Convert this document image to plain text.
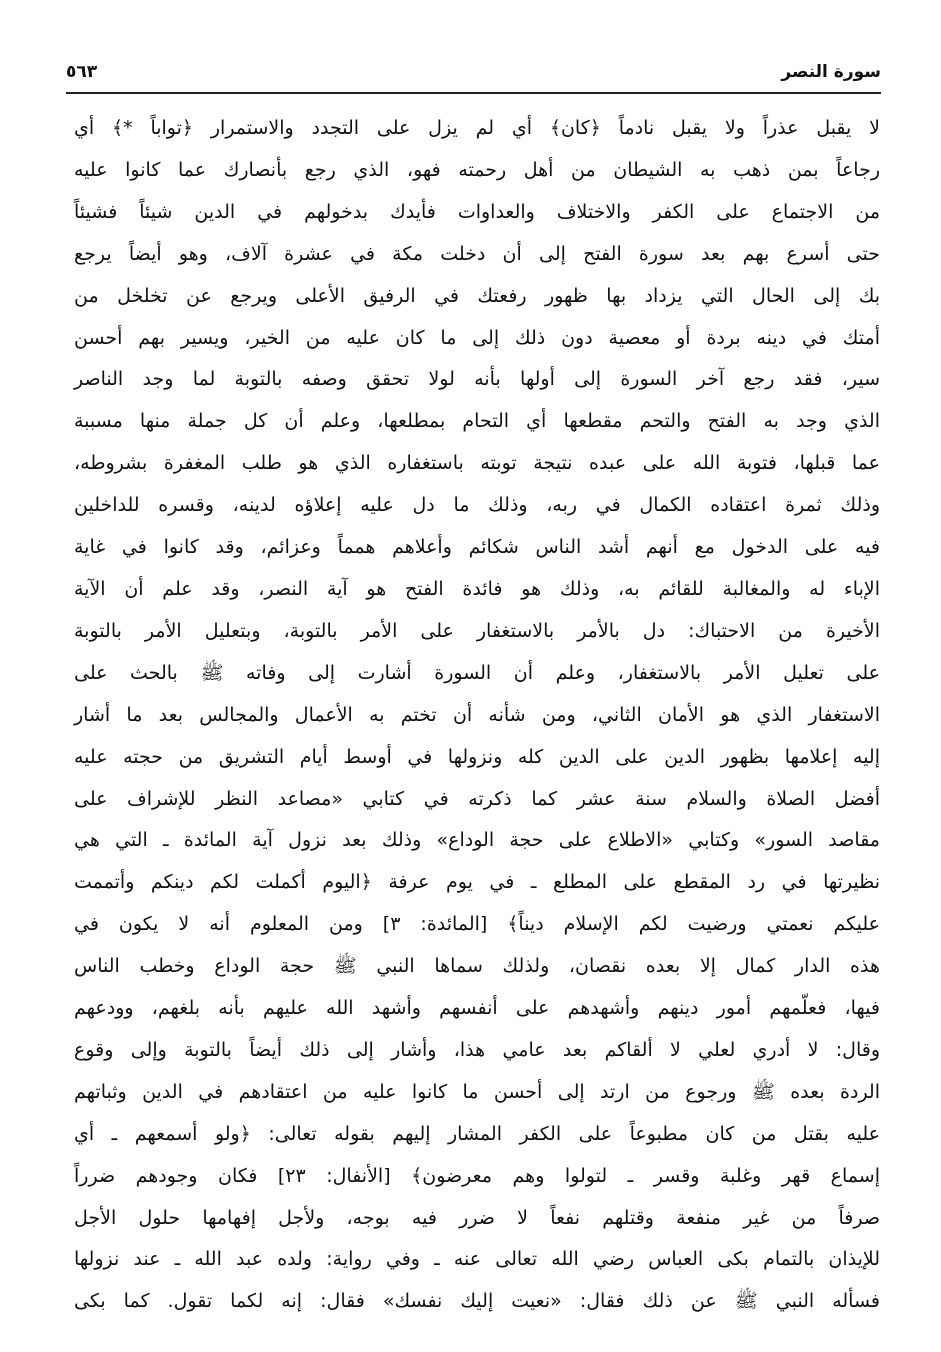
سورة النصر
٥٦٣
لا يقبل عذراً ولا يقبل نادماً ﴿كان﴾ أي لم يزل على التجدد والاستمرار ﴿تواباً *﴾ أي
رجاعاً بمن ذهب به الشيطان من أهل رحمته فهو، الذي رجع بأنصارك عما كانوا عليه
من الاجتماع على الكفر والاختلاف والعداوات فأيدك بدخولهم في الدين شيئاً فشيئاً
حتى أسرع بهم بعد سورة الفتح إلى أن دخلت مكة في عشرة آلاف، وهو أيضاً يرجع
بك إلى الحال التي يزداد بها ظهور رفعتك في الرفيق الأعلى ويرجع عن تخلخل من
أمتك في دينه بردة أو معصية دون ذلك إلى ما كان عليه من الخير، ويسير بهم أحسن
سير، فقد رجع آخر السورة إلى أولها بأنه لولا تحقق وصفه بالتوبة لما وجد الناصر
الذي وجد به الفتح والتحم مقطعها أي التحام بمطلعها، وعلم أن كل جملة منها مسببة
عما قبلها، فتوبة الله على عبده نتيجة توبته باستغفاره الذي هو طلب المغفرة بشروطه،
وذلك ثمرة اعتقاده الكمال في ربه، وذلك ما دل عليه إعلاؤه لدينه، وقسره للداخلين
فيه على الدخول مع أنهم أشد الناس شكائم وأعلاهم همماً وعزائم، وقد كانوا في غاية
الإباء له والمغالبة للقائم به، وذلك هو فائدة الفتح هو آية النصر، وقد علم أن الآية
الأخيرة من الاحتباك: دل بالأمر بالاستغفار على الأمر بالتوبة، وبتعليل الأمر بالتوبة
على تعليل الأمر بالاستغفار، وعلم أن السورة أشارت إلى وفاته ﷺ بالحث على
الاستغفار الذي هو الأمان الثاني، ومن شأنه أن تختم به الأعمال والمجالس بعد ما أشار
إليه إعلامها بظهور الدين على الدين كله ونزولها في أوسط أيام التشريق من حجته عليه
أفضل الصلاة والسلام سنة عشر كما ذكرته في كتابي «مصاعد النظر للإشراف على
مقاصد السور» وكتابي «الاطلاع على حجة الوداع» وذلك بعد نزول آية المائدة ـ التي هي
نظيرتها في رد المقطع على المطلع ـ في يوم عرفة ﴿اليوم أكملت لكم دينكم وأتممت
عليكم نعمتي ورضيت لكم الإسلام ديناً﴾ [المائدة: ٣] ومن المعلوم أنه لا يكون في
هذه الدار كمال إلا بعده نقصان، ولذلك سماها النبي ﷺ حجة الوداع وخطب الناس
فيها، فعلّمهم أمور دينهم وأشهدهم على أنفسهم وأشهد الله عليهم بأنه بلغهم، وودعهم
وقال: لا أدري لعلي لا ألقاكم بعد عامي هذا، وأشار إلى ذلك أيضاً بالتوبة وإلى وقوع
الردة بعده ﷺ ورجوع من ارتد إلى أحسن ما كانوا عليه من اعتقادهم في الدين وثباتهم
عليه بقتل من كان مطبوعاً على الكفر المشار إليهم بقوله تعالى: ﴿ولو أسمعهم ـ أي
إسماع قهر وغلبة وقسر ـ لتولوا وهم معرضون﴾ [الأنفال: ٢٣] فكان وجودهم ضرراً
صرفاً من غير منفعة وقتلهم نفعاً لا ضرر فيه بوجه، ولأجل إفهامها حلول الأجل
للإيذان بالتمام بكى العباس رضي الله تعالى عنه ـ وفي رواية: ولده عبد الله ـ عند نزولها
فسأله النبي ﷺ عن ذلك فقال: «نعيت إليك نفسك» فقال: إنه لكما تقول. كما بكى
